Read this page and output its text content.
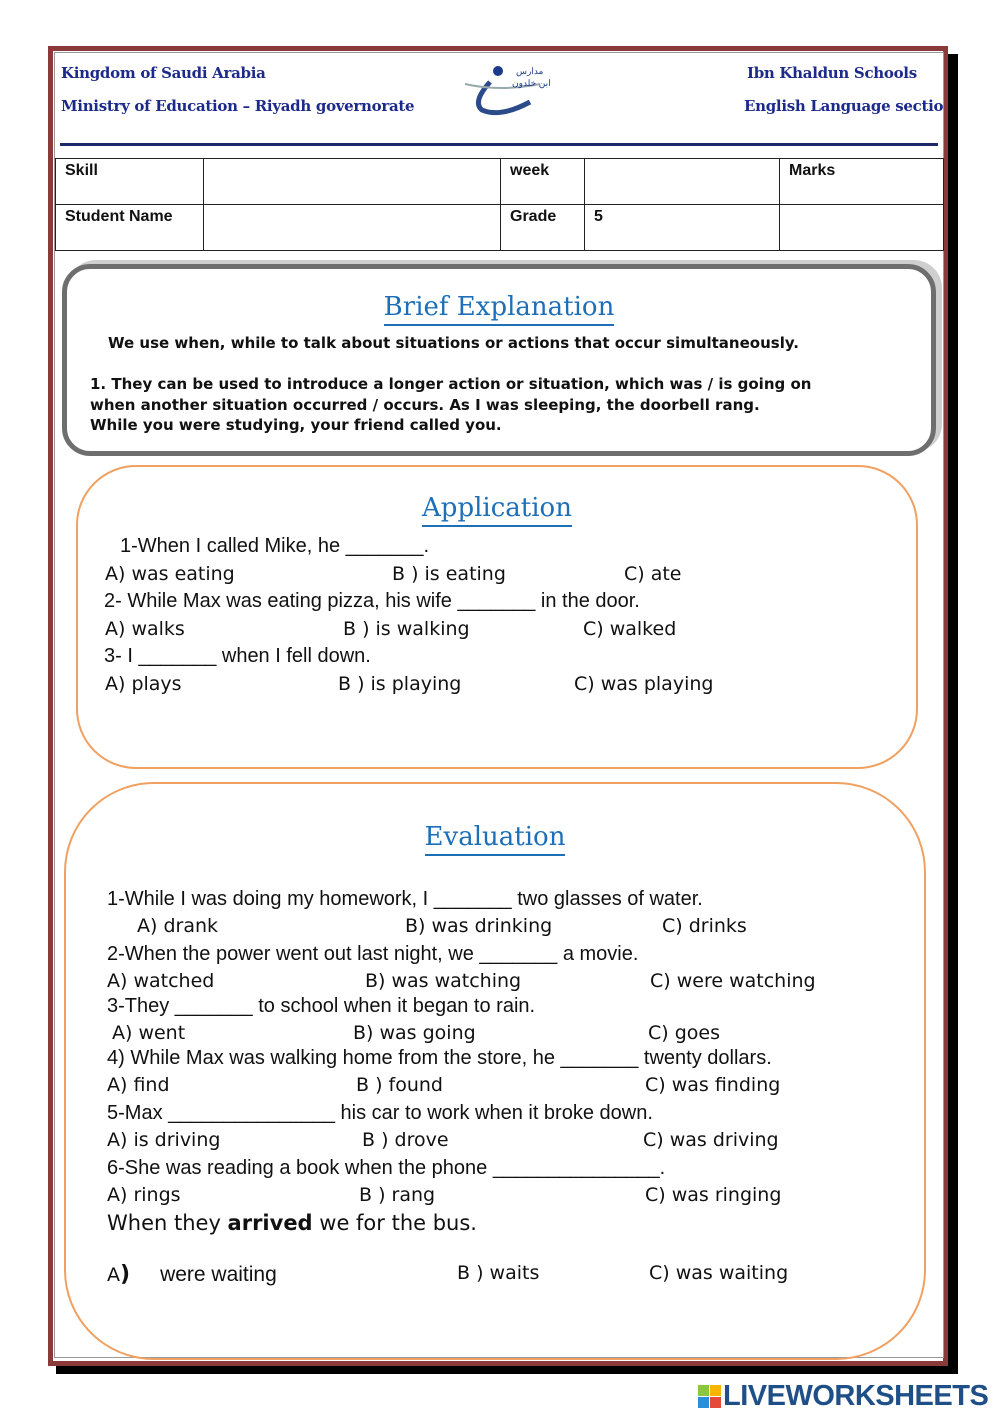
Kingdom of Saudi Arabia
Ministry of Education – Riyadh governorate
Ibn Khaldun Schools
English Language sectio
مدارس
ابن خلدون
Skill		week		Marks
Student Name		Grade	5	
Brief Explanation
We use when, while to talk about situations or actions that occur simultaneously.
1. They can be used to introduce a longer action or situation, which was / is going on
when another situation occurred / occurs. As I was sleeping, the doorbell rang.
While you were studying, your friend called you.
Application
1-When I called Mike, he _______.
A) was eating	B ) is eating	C) ate
2- While Max was eating pizza, his wife _______ in the door.
A) walks	B ) is walking	C) walked
3- I _______ when I fell down.
A) plays	B ) is playing	C) was playing
Evaluation
1-While I was doing my homework, I _______ two glasses of water.
A) drank	B) was drinking	C) drinks
2-When the power went out last night, we _______ a movie.
A) watched	B) was watching	C) were watching
3-They _______ to school when it began to rain.
A) went	B) was going	C) goes
4) While Max was walking home from the store, he _______ twenty dollars.
A) find	B ) found	C) was finding
5-Max _______________ his car to work when it broke down.
A) is driving	B ) drove	C) was driving
6-She was reading a book when the phone _______________.
A) rings	B ) rang	C) was ringing
When they arrived we for the bus.
A) were waiting	B ) waits	C) was waiting
LIVEWORKSHEETS
